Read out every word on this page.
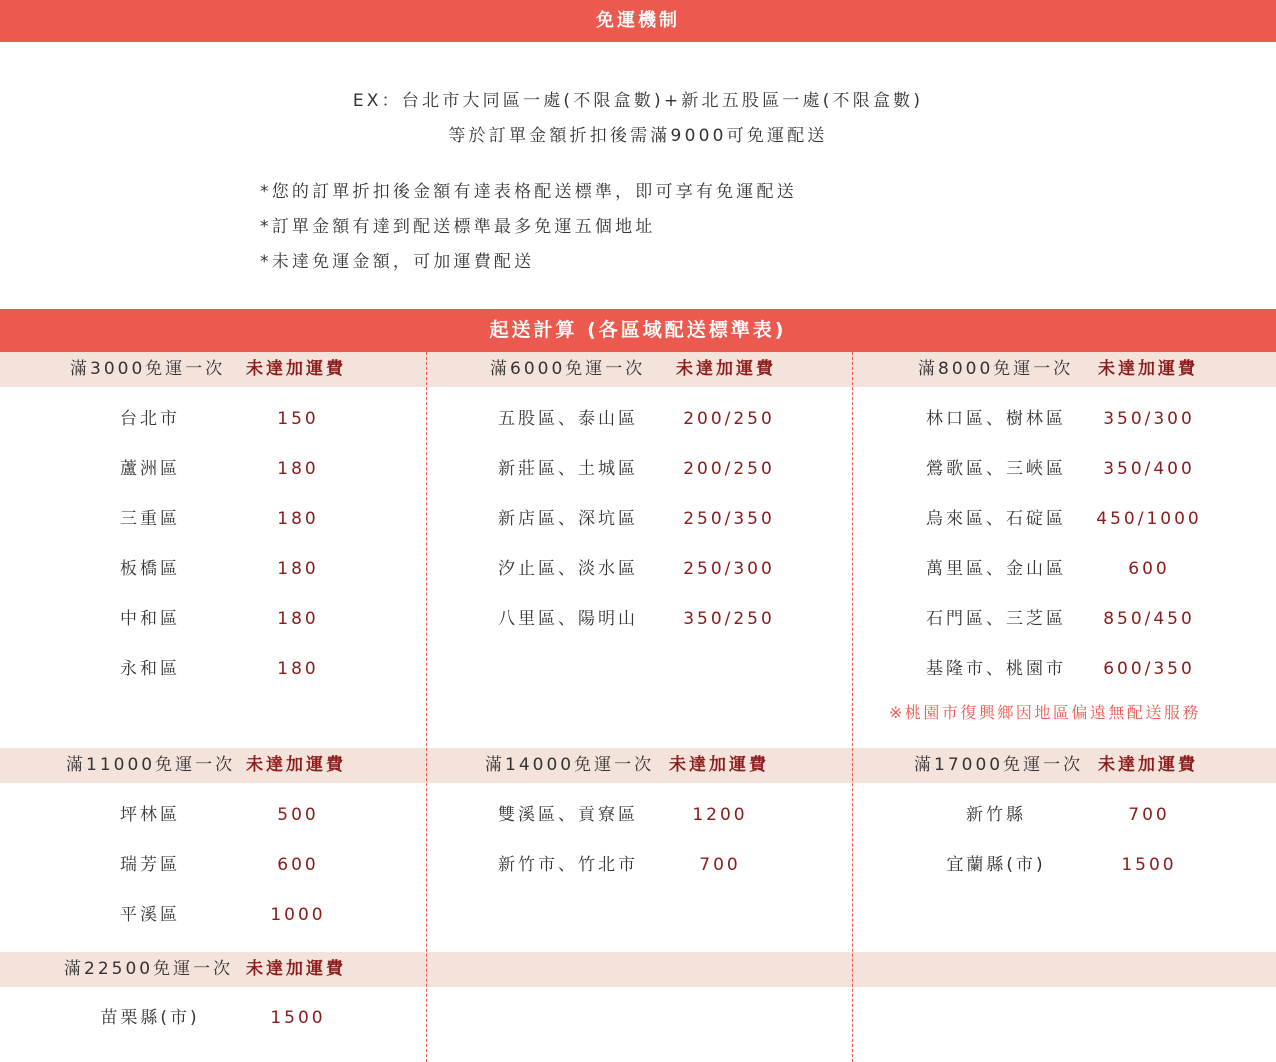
免運機制
EX：台北市大同區一處(不限盒數)+新北五股區一處(不限盒數)
等於訂單金額折扣後需滿9000可免運配送
*您的訂單折扣後金額有達表格配送標準，即可享有免運配送
*訂單金額有達到配送標準最多免運五個地址
*未達免運金額，可加運費配送
起送計算 (各區域配送標準表)
滿3000免運一次 未達加運費
台北市	150
蘆洲區	180
三重區	180
板橋區	180
中和區	180
永和區	180
滿6000免運一次 未達加運費
五股區、泰山區	200/250
新莊區、土城區	200/250
新店區、深坑區	250/350
汐止區、淡水區	250/300
八里區、陽明山	350/250
滿8000免運一次 未達加運費
林口區、樹林區	350/300
鶯歌區、三峽區	350/400
烏來區、石碇區	450/1000
萬里區、金山區	600
石門區、三芝區	850/450
基隆市、桃園市	600/350
※桃園市復興鄉因地區偏遠無配送服務
滿11000免運一次 未達加運費
坪林區	500
瑞芳區	600
平溪區	1000
滿14000免運一次 未達加運費
雙溪區、貢寮區	1200
新竹市、竹北市	700
滿17000免運一次 未達加運費
新竹縣	700
宜蘭縣(市)	1500
滿22500免運一次 未達加運費
苗栗縣(市)	1500
